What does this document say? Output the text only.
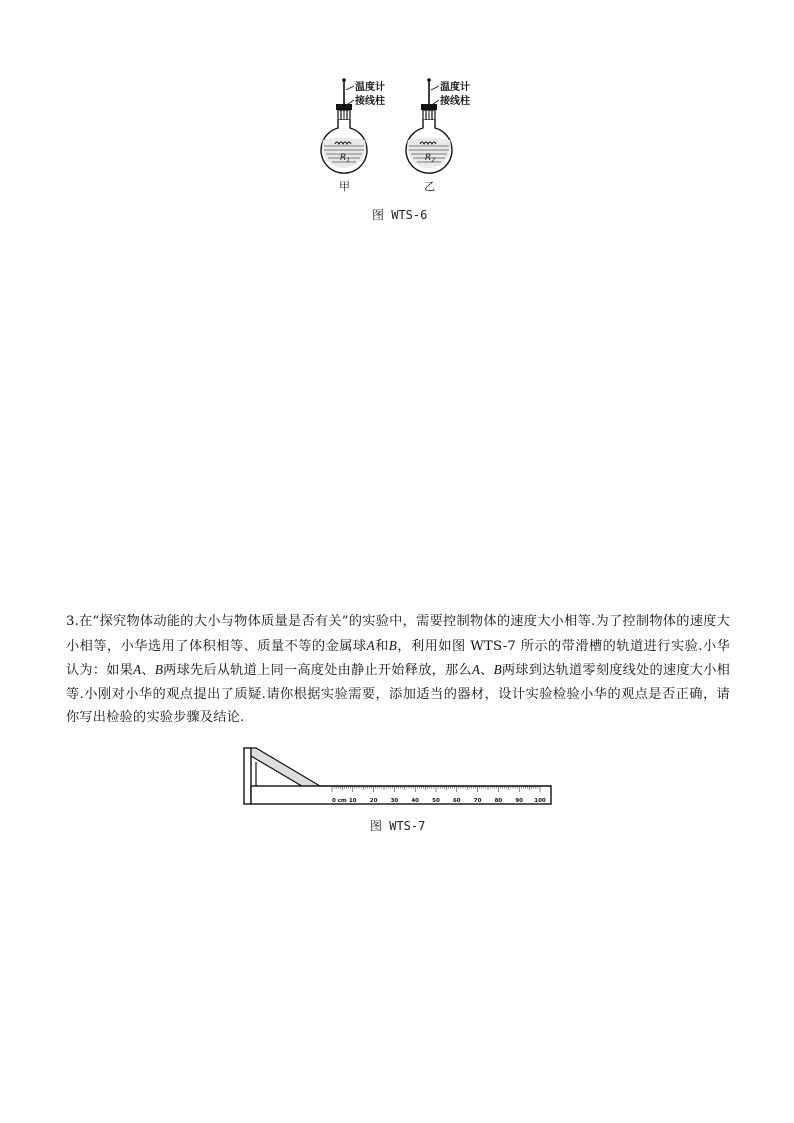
$R_1$	$R_2$
温度计
接线柱
温度计
接线柱
甲	乙
图 WTS-6

3.在“探究物体动能的大小与物体质量是否有关”的实验中，需要控制物体的速度大小相等.为了控制物体的速度大小相等，小华选用了体积相等、质量不等的金属球A和B，利用如图 WTS-7 所示的带滑槽的轨道进行实验.小华认为：如果A、B两球先后从轨道上同一高度处由静止开始释放，那么A、B两球到达轨道零刻度线处的速度大小相等.小刚对小华的观点提出了质疑.请你根据实验需要，添加适当的器材，设计实验检验小华的观点是否正确，请你写出检验的实验步骤及结论.

0 cm 10 20 30 40 50 60 70 80 90 100
图 WTS-7
